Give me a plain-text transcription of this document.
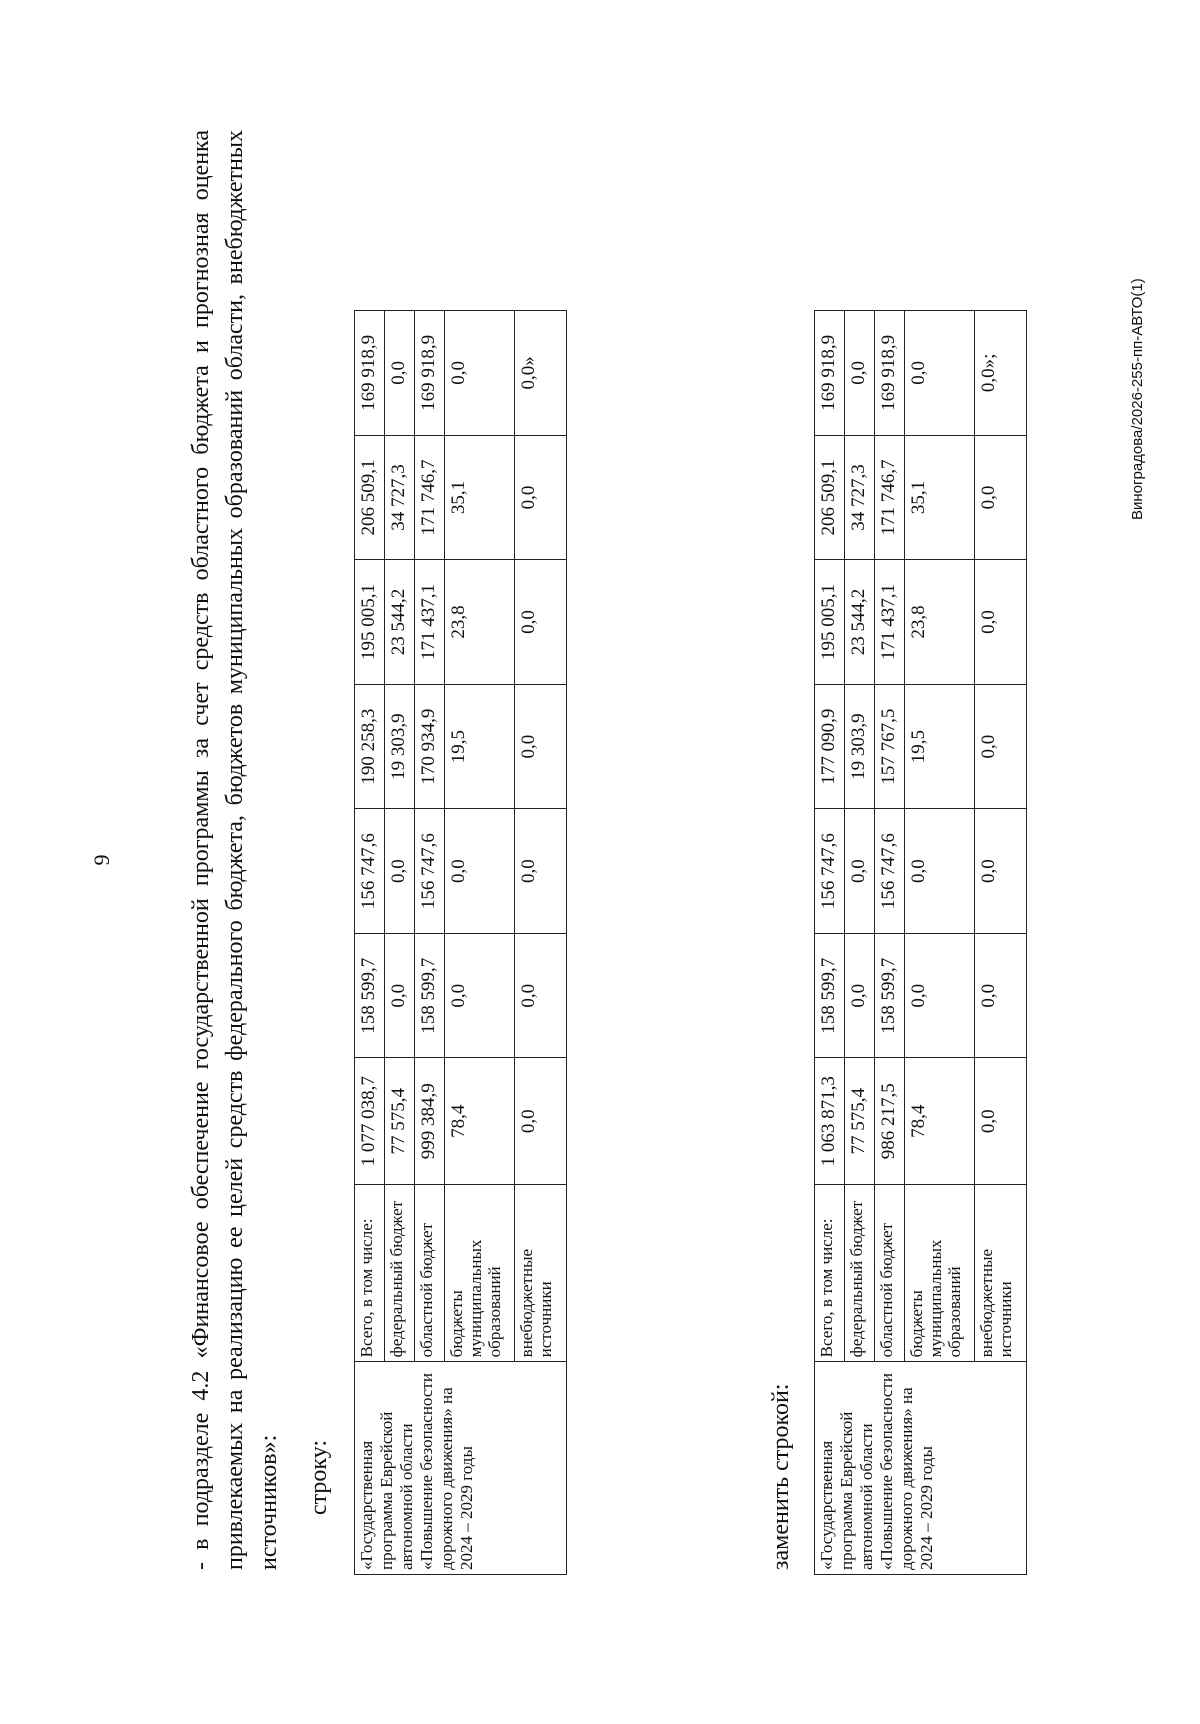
9	- в подразделе 4.2 «Финансовое обеспечение государственной программы за счет средств областного бюджета и прогнозная оценка привлекаемых на реализацию ее целей средств федерального бюджета, бюджетов муниципальных образований области, внебюджетных источников»: строку: «Государственная программа Еврейской автономной области «Повышение безопасности дорожного движения» на 2024 – 2029 годы	Всего, в том числе:	1 077 038,7	158 599,7	156 747,6	190 258,3	195 005,1	206 509,1	169 918,9
	федеральный бюджет	77 575,4	0,0	0,0	19 303,9	23 544,2	34 727,3	0,0
	областной бюджет	999 384,9	158 599,7	156 747,6	170 934,9	171 437,1	171 746,7	169 918,9
	бюджеты муниципальных образований	78,4	0,0	0,0	19,5	23,8	35,1	0,0
	внебюджетные источники	0,0	0,0	0,0	0,0	0,0	0,0	0,0»
заменить строкой: «Государственная программа Еврейской автономной области «Повышение безопасности дорожного движения» на 2024 – 2029 годы	Всего, в том числе:	1 063 871,3	158 599,7	156 747,6	177 090,9	195 005,1	206 509,1	169 918,9
	федеральный бюджет	77 575,4	0,0	0,0	19 303,9	23 544,2	34 727,3	0,0
	областной бюджет	986 217,5	158 599,7	156 747,6	157 767,5	171 437,1	171 746,7	169 918,9
	бюджеты муниципальных образований	78,4	0,0	0,0	19,5	23,8	35,1	0,0
	внебюджетные источники	0,0	0,0	0,0	0,0	0,0	0,0	0,0»;	Виноградова/2026-255-пп-АВТО(1)
